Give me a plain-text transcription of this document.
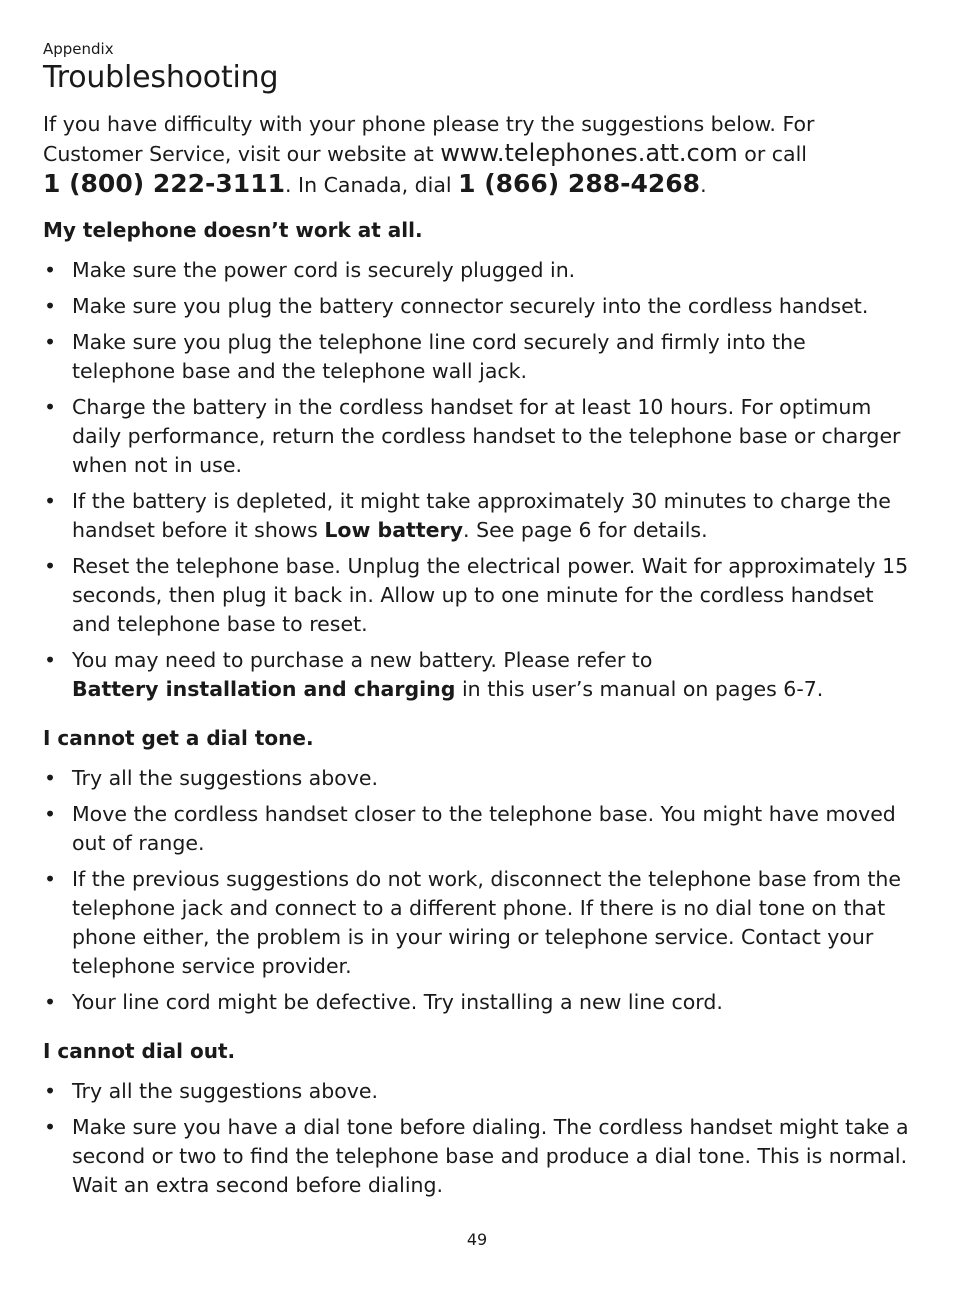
Appendix

Troubleshooting

If you have difficulty with your phone please try the suggestions below. For Customer Service, visit our website at www.telephones.att.com or call
1 (800) 222-3111. In Canada, dial 1 (866) 288-4268.

My telephone doesn’t work at all.
• Make sure the power cord is securely plugged in.
• Make sure you plug the battery connector securely into the cordless handset.
• Make sure you plug the telephone line cord securely and firmly into the telephone base and the telephone wall jack.
• Charge the battery in the cordless handset for at least 10 hours. For optimum daily performance, return the cordless handset to the telephone base or charger when not in use.
• If the battery is depleted, it might take approximately 30 minutes to charge the handset before it shows Low battery. See page 6 for details.
• Reset the telephone base. Unplug the electrical power. Wait for approximately 15 seconds, then plug it back in. Allow up to one minute for the cordless handset and telephone base to reset.
• You may need to purchase a new battery. Please refer to
Battery installation and charging in this user’s manual on pages 6-7.
I cannot get a dial tone.
• Try all the suggestions above.
• Move the cordless handset closer to the telephone base. You might have moved out of range.
• If the previous suggestions do not work, disconnect the telephone base from the telephone jack and connect to a different phone. If there is no dial tone on that phone either, the problem is in your wiring or telephone service. Contact your telephone service provider.
• Your line cord might be defective. Try installing a new line cord.
I cannot dial out.
• Try all the suggestions above.
• Make sure you have a dial tone before dialing. The cordless handset might take a second or two to find the telephone base and produce a dial tone. This is normal. Wait an extra second before dialing.
49
